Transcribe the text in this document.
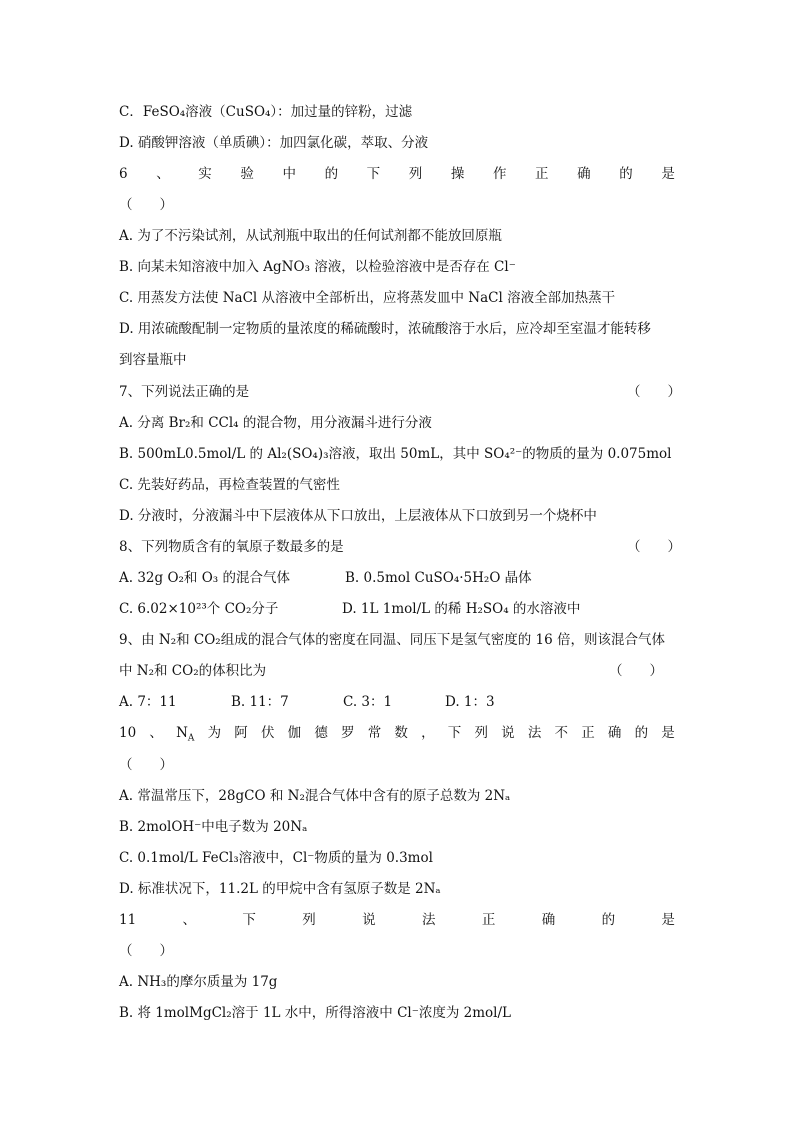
C．FeSO₄溶液（CuSO₄）：加过量的锌粉，过滤
D. 硝酸钾溶液（单质碘）：加四氯化碳，萃取、分液
6 、 实 验 中 的 下 列 操 作 正 确 的 是
（　　）
A. 为了不污染试剂，从试剂瓶中取出的任何试剂都不能放回原瓶
B. 向某未知溶液中加入 AgNO₃ 溶液，以检验溶液中是否存在 Cl⁻
C. 用蒸发方法使 NaCl 从溶液中全部析出，应将蒸发皿中 NaCl 溶液全部加热蒸干
D. 用浓硫酸配制一定物质的量浓度的稀硫酸时，浓硫酸溶于水后，应冷却至室温才能转移
到容量瓶中
7、下列说法正确的是	（　　）
A. 分离 Br₂和 CCl₄ 的混合物，用分液漏斗进行分液
B. 500mL0.5mol/L 的 Al₂(SO₄)₃溶液，取出 50mL，其中 SO₄²⁻的物质的量为 0.075mol
C. 先装好药品，再检查装置的气密性
D. 分液时，分液漏斗中下层液体从下口放出，上层液体从下口放到另一个烧杯中
8、下列物质含有的氧原子数最多的是	（　　）
A. 32g O₂和 O₃ 的混合气体	B. 0.5mol CuSO₄·5H₂O 晶体
C. 6.02×10²³个 CO₂分子	D. 1L 1mol/L 的稀 H₂SO₄ 的水溶液中
9、由 N₂和 CO₂组成的混合气体的密度在同温、同压下是氢气密度的 16 倍，则该混合气体
中 N₂和 CO₂的体积比为	（　　）
A. 7：11	B. 11：7	C. 3：1	D. 1：3
10 、 $N_A$ 为 阿 伏 伽 德 罗 常 数 ， 下 列 说 法 不 正 确 的 是
（　　）
A. 常温常压下，28gCO 和 N₂混合气体中含有的原子总数为 2Nₐ
B. 2molOH⁻中电子数为 20Nₐ
C. 0.1mol/L FeCl₃溶液中，Cl⁻物质的量为 0.3mol
D. 标准状况下，11.2L 的甲烷中含有氢原子数是 2Nₐ
11	、	下	列	说	法	正	确	的	是
（　　）
A. NH₃的摩尔质量为 17g
B. 将 1molMgCl₂溶于 1L 水中，所得溶液中 Cl⁻浓度为 2mol/L
